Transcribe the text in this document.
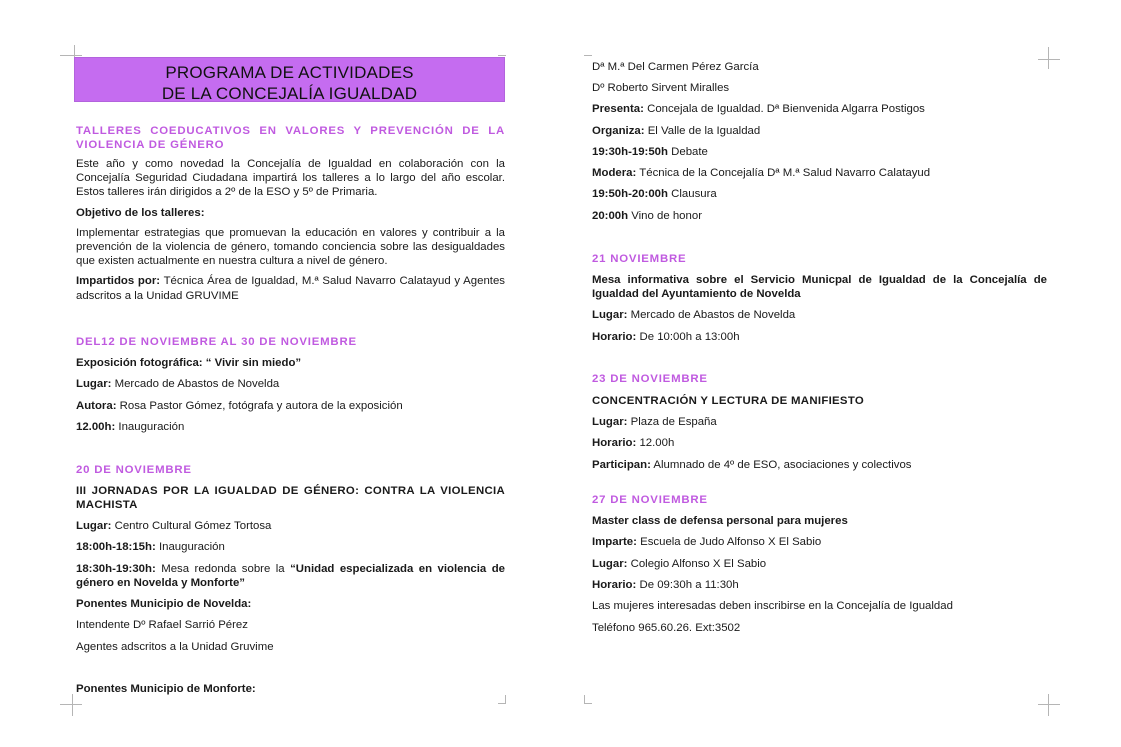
PROGRAMA DE ACTIVIDADES
DE LA CONCEJALÍA IGUALDAD

TALLERES COEDUCATIVOS EN VALORES Y PREVENCIÓN DE LA VIOLENCIA DE GÉNERO

Este año y como novedad la Concejalía de Igualdad en colaboración con la Concejalía Seguridad Ciudadana impartirá los talleres a lo largo del año escolar. Estos talleres irán dirigidos a 2º de la ESO y 5º de Primaria.

Objetivo de los talleres:

Implementar estrategias que promuevan la educación en valores y contribuir a la prevención de la violencia de género, tomando conciencia sobre las desigualdades que existen actualmente en nuestra cultura a nivel de género.

Impartidos por: Técnica Área de Igualdad, M.ª Salud Navarro Calatayud y Agentes adscritos a la Unidad GRUVIME

DEL12 DE NOVIEMBRE AL 30 DE NOVIEMBRE
Exposición fotográfica: “ Vivir sin miedo”
Lugar: Mercado de Abastos de Novelda
Autora: Rosa Pastor Gómez, fotógrafa y autora de la exposición
12.00h: Inauguración
20 DE NOVIEMBRE

III JORNADAS POR LA IGUALDAD DE GÉNERO: CONTRA LA VIOLENCIA MACHISTA

Lugar: Centro Cultural Gómez Tortosa
18:00h-18:15h: Inauguración

18:30h-19:30h: Mesa redonda sobre la “Unidad especializada en violencia de género en Novelda y Monforte”

Ponentes Municipio de Novelda:
Intendente Dº Rafael Sarrió Pérez
Agentes adscritos a la Unidad Gruvime
Ponentes Municipio de Monforte:
Dª M.ª Del Carmen Pérez García
Dº Roberto Sirvent Miralles
Presenta: Concejala de Igualdad. Dª Bienvenida Algarra Postigos
Organiza: El Valle de la Igualdad
19:30h-19:50h Debate
Modera: Técnica de la Concejalía Dª M.ª Salud Navarro Calatayud
19:50h-20:00h Clausura
20:00h Vino de honor
21 NOVIEMBRE

Mesa informativa sobre el Servicio Municpal de Igualdad de la Concejalía de Igualdad del Ayuntamiento de Novelda

Lugar: Mercado de Abastos de Novelda
Horario: De 10:00h a 13:00h
23 DE NOVIEMBRE
CONCENTRACIÓN Y LECTURA DE MANIFIESTO
Lugar: Plaza de España
Horario: 12.00h
Participan: Alumnado de 4º de ESO, asociaciones y colectivos
27 DE NOVIEMBRE
Master class de defensa personal para mujeres
Imparte: Escuela de Judo Alfonso X El Sabio
Lugar: Colegio Alfonso X El Sabio
Horario: De 09:30h a 11:30h
Las mujeres interesadas deben inscribirse en la Concejalía de Igualdad
Teléfono 965.60.26. Ext:3502
